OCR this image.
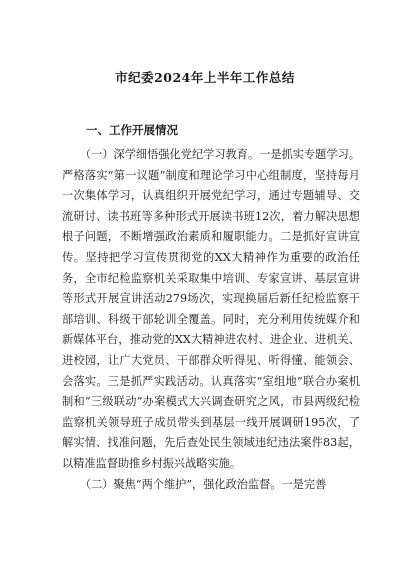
市纪委2024年上半年工作总结
一、工作开展情况

（一）深学细悟强化党纪学习教育。一是抓实专题学习。严格落实“第一议题”制度和理论学习中心组制度，坚持每月一次集体学习，认真组织开展党纪学习，通过专题辅导、交流研讨、读书班等多种形式开展读书班12次，着力解决思想根子问题，不断增强政治素质和履职能力。二是抓好宣讲宣传。坚持把学习宣传贯彻党的XX大精神作为重要的政治任务，全市纪检监察机关采取集中培训、专家宣讲、基层宣讲等形式开展宣讲活动279场次，实现换届后新任纪检监察干部培训、科级干部轮训全覆盖。同时，充分利用传统媒介和新媒体平台，推动党的XX大精神进农村、进企业、进机关、进校园，让广大党员、干部群众听得见、听得懂、能领会、会落实。三是抓严实践活动。认真落实“室组地”联合办案机制和“三级联动”办案模式大兴调查研究之风，市县两级纪检监察机关领导班子成员带头到基层一线开展调研195次，了解实情、找准问题，先后查处民生领域违纪违法案件83起，以精准监督助推乡村振兴战略实施。

（二）聚焦“两个维护”，强化政治监督。一是完善
